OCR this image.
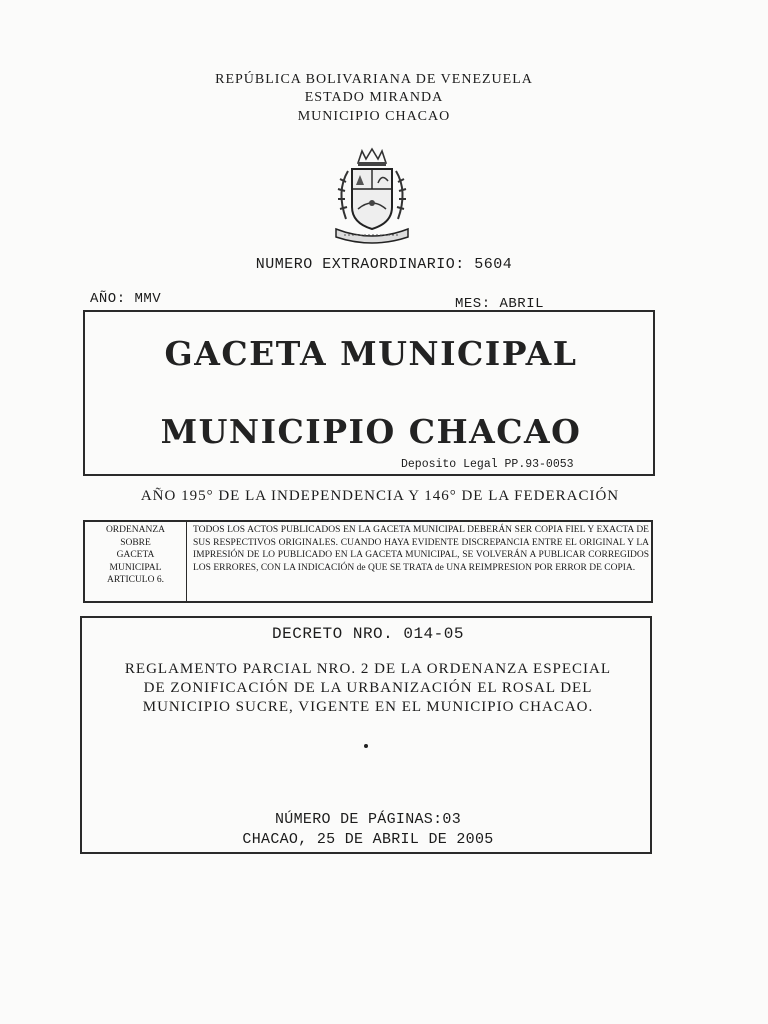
REPÚBLICA BOLIVARIANA DE VENEZUELA
ESTADO MIRANDA
MUNICIPIO CHACAO
NUMERO EXTRAORDINARIO: 5604
AÑO: MMV	MES: ABRIL
GACETA MUNICIPAL
MUNICIPIO CHACAO
Deposito Legal PP.93-0053
AÑO 195° DE LA INDEPENDENCIA Y 146° DE LA FEDERACIÓN
ORDENANZA
SOBRE
GACETA
MUNICIPAL
ARTICULO 6.
TODOS LOS ACTOS PUBLICADOS EN LA GACETA MUNICIPAL DEBERÁN SER COPIA FIEL Y EXACTA DE SUS RESPECTIVOS ORIGINALES. CUANDO HAYA EVIDENTE DISCREPANCIA ENTRE EL ORIGINAL Y LA IMPRESIÓN DE LO PUBLICADO EN LA GACETA MUNICIPAL, SE VOLVERÁN A PUBLICAR CORREGIDOS LOS ERRORES, CON LA INDICACIÓN de QUE SE TRATA de UNA REIMPRESION POR ERROR DE COPIA.
DECRETO NRO. 014-05
REGLAMENTO PARCIAL NRO. 2 DE LA ORDENANZA ESPECIAL
DE ZONIFICACIÓN DE LA URBANIZACIÓN EL ROSAL DEL
MUNICIPIO SUCRE, VIGENTE EN EL MUNICIPIO CHACAO.
NÚMERO DE PÁGINAS:03
CHACAO, 25 DE ABRIL DE 2005
